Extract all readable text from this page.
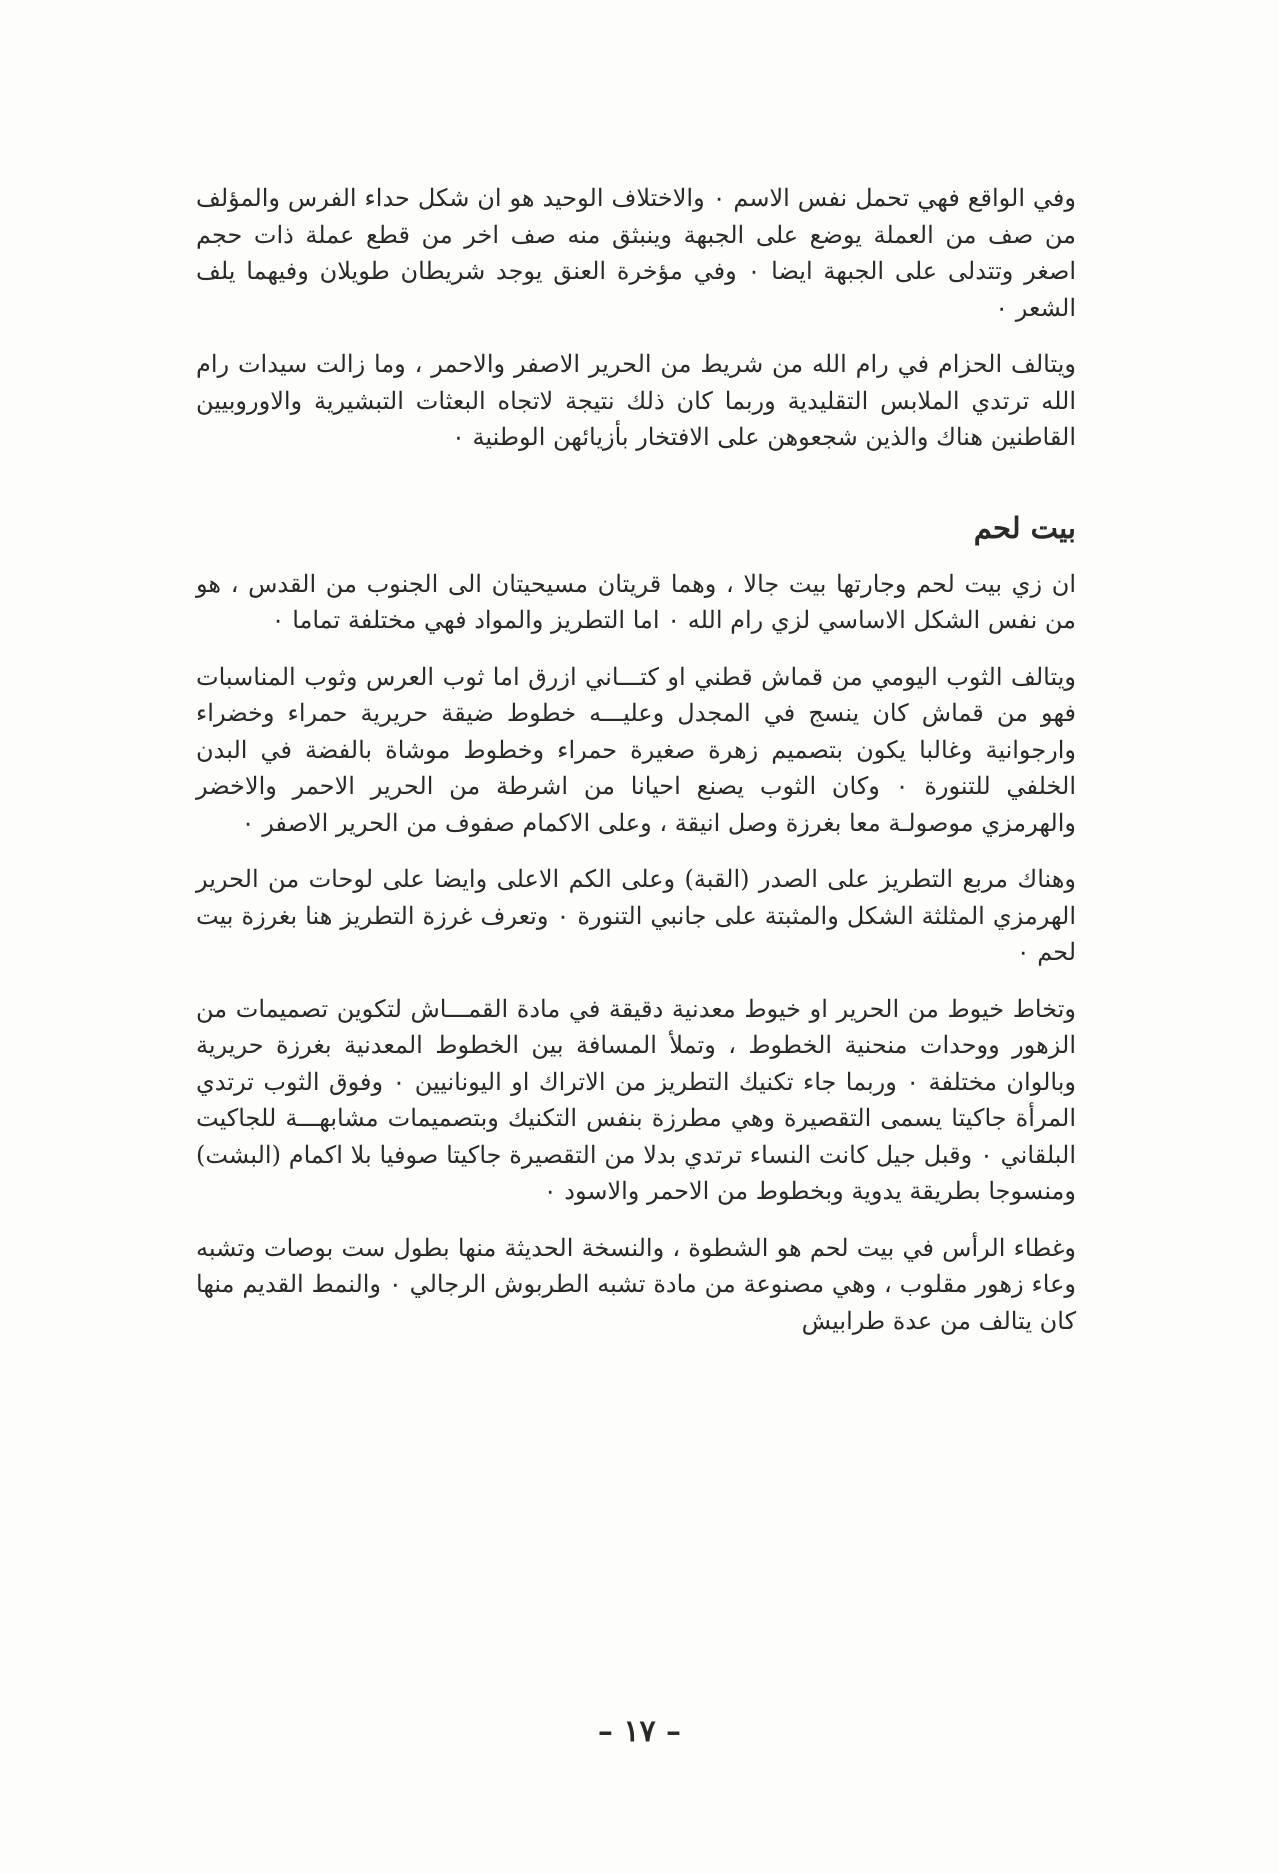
وفي الواقع فهي تحمل نفس الاسم ٠ والاختلاف الوحيد هو ان شكل حداء الفرس والمؤلف من صف من العملة يوضع على الجبهة وينبثق منه صف اخر من قطع عملة ذات حجم اصغر وتتدلى على الجبهة ايضا ٠ وفي مؤخرة العنق يوجد شريطان طويلان وفيهما يلف الشعر ٠

ويتالف الحزام في رام الله من شريط من الحرير الاصفر والاحمر ، وما زالت سيدات رام الله ترتدي الملابس التقليدية وربما كان ذلك نتيجة لاتجاه البعثات التبشيرية والاوروبيين القاطنين هناك والذين شجعوهن على الافتخار بأزيائهن الوطنية ٠

بيت لحم

ان زي بيت لحم وجارتها بيت جالا ، وهما قريتان مسيحيتان الى الجنوب من القدس ، هو من نفس الشكل الاساسي لزي رام الله ٠ اما التطريز والمواد فهي مختلفة تماما ٠

ويتالف الثوب اليومي من قماش قطني او كتـــاني ازرق اما ثوب العرس وثوب المناسبات فهو من قماش كان ينسج في المجدل وعليـــه خطوط ضيقة حريرية حمراء وخضراء وارجوانية وغالبا يكون بتصميم زهرة صغيرة حمراء وخطوط موشاة بالفضة في البدن الخلفي للتنورة ٠ وكان الثوب يصنع احيانا من اشرطة من الحرير الاحمر والاخضر والهرمزي موصولـة معا بغرزة وصل انيقة ، وعلى الاكمام صفوف من الحرير الاصفر ٠

وهناك مربع التطريز على الصدر (القبة) وعلى الكم الاعلى وايضا على لوحات من الحرير الهرمزي المثلثة الشكل والمثبتة على جانبي التنورة ٠ وتعرف غرزة التطريز هنا بغرزة بيت لحم ٠

وتخاط خيوط من الحرير او خيوط معدنية دقيقة في مادة القمـــاش لتكوين تصميمات من الزهور ووحدات منحنية الخطوط ، وتملأ المسافة بين الخطوط المعدنية بغرزة حريرية وبالوان مختلفة ٠ وربما جاء تكنيك التطريز من الاتراك او اليونانيين ٠ وفوق الثوب ترتدي المرأة جاكيتا يسمى التقصيرة وهي مطرزة بنفس التكنيك وبتصميمات مشابهـــة للجاكيت البلقاني ٠ وقبل جيل كانت النساء ترتدي بدلا من التقصيرة جاكيتا صوفيا بلا اكمام (البشت) ومنسوجا بطريقة يدوية وبخطوط من الاحمر والاسود ٠

وغطاء الرأس في بيت لحم هو الشطوة ، والنسخة الحديثة منها بطول ست بوصات وتشبه وعاء زهور مقلوب ، وهي مصنوعة من مادة تشبه الطربوش الرجالي ٠ والنمط القديم منها كان يتالف من عدة طرابيش

– ١٧ –
